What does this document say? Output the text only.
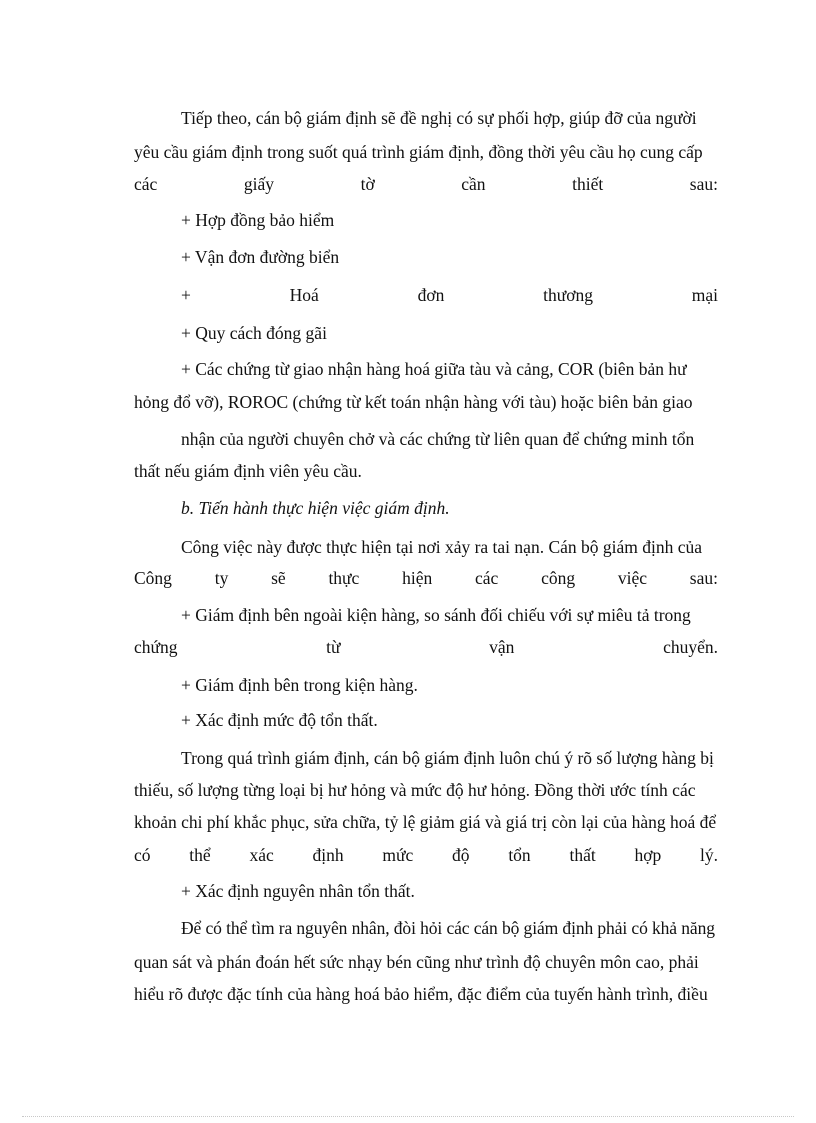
Tiếp theo, cán bộ giám định sẽ đề nghị có sự phối hợp, giúp đỡ của người
yêu cầu giám định trong suốt quá trình giám định, đồng thời yêu cầu họ cung cấp
các	giấy	tờ	cần	thiết	sau:
+ Hợp đồng bảo hiểm
+ Vận đơn đường biển
+	Hoá	đơn	thương	mại
+ Quy cách đóng gãi
+ Các chứng từ giao nhận hàng hoá giữa tàu và cảng, COR (biên bản hư
hỏng đổ vỡ), ROROC (chứng từ kết toán nhận hàng với tàu) hoặc biên bản giao
nhận của người chuyên chở và các chứng từ liên quan để chứng minh tổn
thất nếu giám định viên yêu cầu.
b. Tiến hành thực hiện việc giám định.
Công việc này được thực hiện tại nơi xảy ra tai nạn. Cán bộ giám định của
Công ty sẽ thực hiện các công việc sau:
+ Giám định bên ngoài kiện hàng, so sánh đối chiếu với sự miêu tả trong
chứng	từ	vận	chuyển.
+ Giám định bên trong kiện hàng.
+ Xác định mức độ tổn thất.
Trong quá trình giám định, cán bộ giám định luôn chú ý rõ số lượng hàng bị
thiếu, số lượng từng loại bị hư hỏng và mức độ hư hỏng. Đồng thời ước tính các
khoản chi phí khắc phục, sửa chữa, tỷ lệ giảm giá và giá trị còn lại của hàng hoá để
có thể xác định mức độ tổn thất hợp lý.
+ Xác định nguyên nhân tổn thất.
Để có thể tìm ra nguyên nhân, đòi hỏi các cán bộ giám định phải có khả năng
quan sát và phán đoán hết sức nhạy bén cũng như trình độ chuyên môn cao, phải
hiểu rõ được đặc tính của hàng hoá bảo hiểm, đặc điểm của tuyến hành trình, điều
